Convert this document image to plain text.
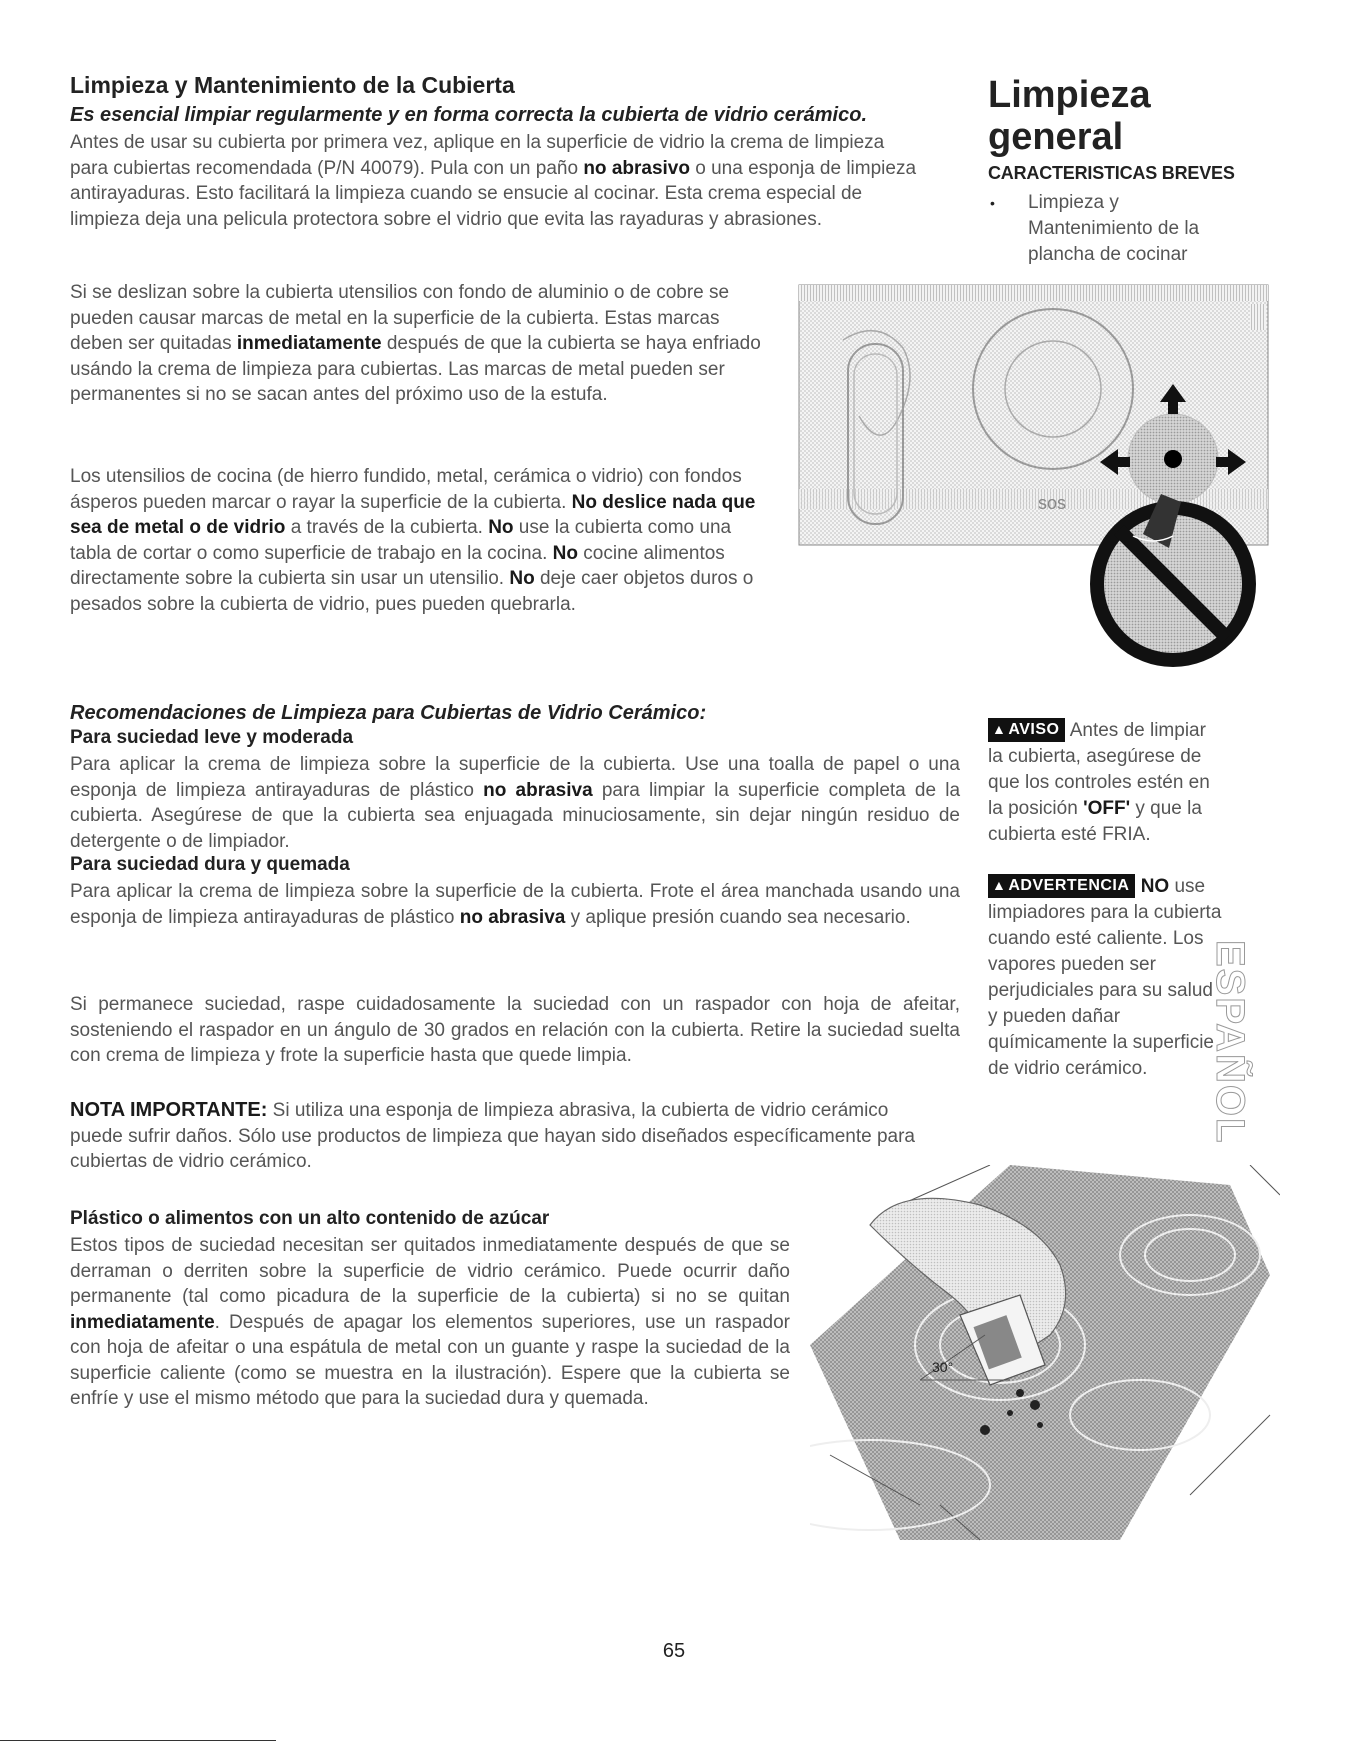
Limpieza y Mantenimiento de la Cubierta
Es esencial limpiar regularmente y en forma correcta la cubierta de vidrio cerámico.
Antes de usar su cubierta por primera vez, aplique en la superficie de vidrio la crema de limpieza para cubiertas recomendada (P/N 40079). Pula con un paño no abrasivo o una esponja de limpieza antirayaduras. Esto facilitará la limpieza cuando se ensucie al cocinar. Esta crema especial de limpieza deja una pelicula protectora sobre el vidrio que evita las rayaduras y abrasiones.
Si se deslizan sobre la cubierta utensilios con fondo de aluminio o de cobre se pueden causar marcas de metal en la superficie de la cubierta. Estas marcas deben ser quitadas inmediatamente después de que la cubierta se haya enfriado usándo la crema de limpieza para cubiertas. Las marcas de metal pueden ser permanentes si no se sacan antes del próximo uso de la estufa.
Los utensilios de cocina (de hierro fundido, metal, cerámica o vidrio) con fondos ásperos pueden marcar o rayar la superficie de la cubierta. No deslice nada que sea de metal o de vidrio a través de la cubierta. No use la cubierta como una tabla de cortar o como superficie de trabajo en la cocina. No cocine alimentos directamente sobre la cubierta sin usar un utensilio. No deje caer objetos duros o pesados sobre la cubierta de vidrio, pues pueden quebrarla.
Limpieza
general
CARACTERISTICAS BREVES
• Limpieza y Mantenimiento de la plancha de cocinar
sos
▲ AVISO Antes de limpiar la cubierta, asegúrese de que los controles estén en la posición 'OFF' y que la cubierta esté FRIA.
▲ ADVERTENCIA NO use limpiadores para la cubierta cuando esté caliente. Los vapores pueden ser perjudiciales para su salud y pueden dañar químicamente la superficie de vidrio cerámico.	ESPAÑOL
Recomendaciones de Limpieza para Cubiertas de Vidrio Cerámico:
Para suciedad leve y moderada
Para aplicar la crema de limpieza sobre la superficie de la cubierta. Use una toalla de papel o una esponja de limpieza antirayaduras de plástico no abrasiva para limpiar la superficie completa de la cubierta. Asegúrese de que la cubierta sea enjuagada minuciosamente, sin dejar ningún residuo de detergente o de limpiador.
Para suciedad dura y quemada
Para aplicar la crema de limpieza sobre la superficie de la cubierta. Frote el área manchada usando una esponja de limpieza antirayaduras de plástico no abrasiva y aplique presión cuando sea necesario.
Si permanece suciedad, raspe cuidadosamente la suciedad con un raspador con hoja de afeitar, sosteniendo el raspador en un ángulo de 30 grados en relación con la cubierta. Retire la suciedad suelta con crema de limpieza y frote la superficie hasta que quede limpia.
NOTA IMPORTANTE: Si utiliza una esponja de limpieza abrasiva, la cubierta de vidrio cerámico puede sufrir daños. Sólo use productos de limpieza que hayan sido diseñados específicamente para cubiertas de vidrio cerámico.
Plástico o alimentos con un alto contenido de azúcar
Estos tipos de suciedad necesitan ser quitados inmediatamente después de que se derraman o derriten sobre la superficie de vidrio cerámico. Puede ocurrir daño permanente (tal como picadura de la superficie de la cubierta) si no se quitan inmediatamente. Después de apagar los elementos superiores, use un raspador con hoja de afeitar o una espátula de metal con un guante y raspe la suciedad de la superficie caliente (como se muestra en la ilustración). Espere que la cubierta se enfríe y use el mismo método que para la suciedad dura y quemada.
30°
65
